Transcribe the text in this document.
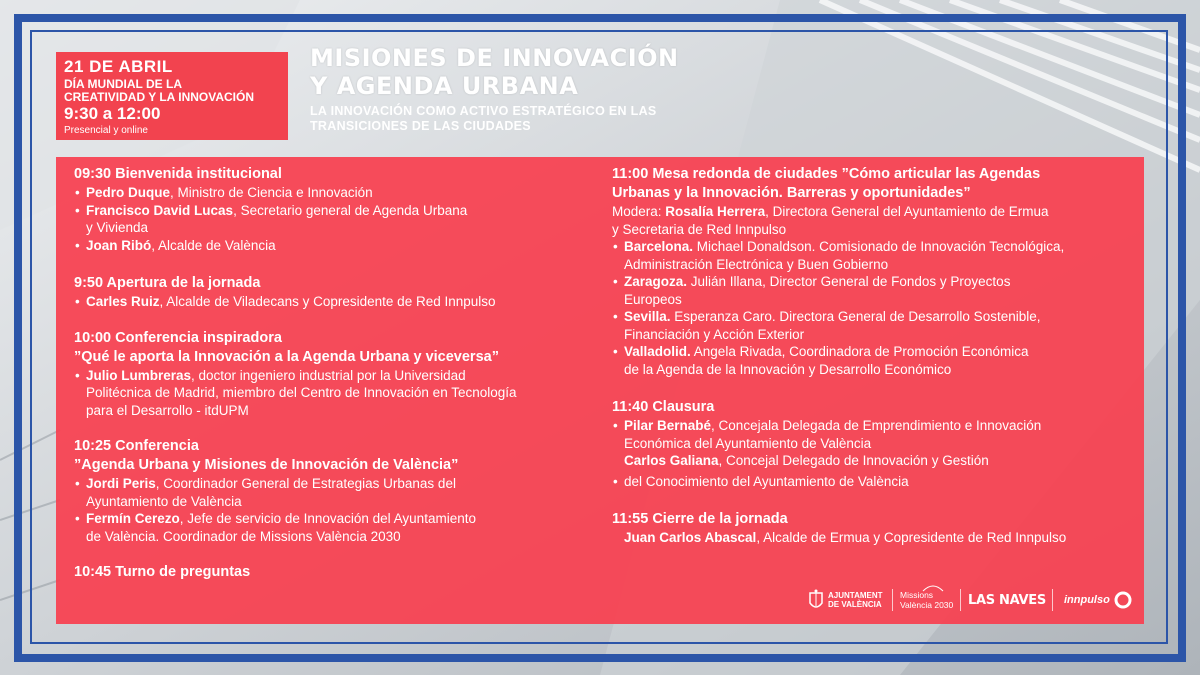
21 DE ABRIL
DÍA MUNDIAL DE LA
CREATIVIDAD Y LA INNOVACIÓN
9:30 a 12:00
Presencial y online
MISIONES DE INNOVACIÓN
Y AGENDA URBANA
LA INNOVACIÓN COMO ACTIVO ESTRATÉGICO EN LAS
TRANSICIONES DE LAS CIUDADES
09:30 Bienvenida institucional
• Pedro Duque, Ministro de Ciencia e Innovación
• Francisco David Lucas, Secretario general de Agenda Urbana
y Vivienda
• Joan Ribó, Alcalde de València
9:50 Apertura de la jornada
• Carles Ruiz, Alcalde de Viladecans y Copresidente de Red Innpulso
10:00 Conferencia inspiradora
”Qué le aporta la Innovación a la Agenda Urbana y viceversa”
• Julio Lumbreras, doctor ingeniero industrial por la Universidad
Politécnica de Madrid, miembro del Centro de Innovación en Tecnología
para el Desarrollo - itdUPM
10:25 Conferencia
”Agenda Urbana y Misiones de Innovación de València”
• Jordi Peris, Coordinador General de Estrategias Urbanas del
Ayuntamiento de València
• Fermín Cerezo, Jefe de servicio de Innovación del Ayuntamiento
de València. Coordinador de Missions València 2030
10:45 Turno de preguntas
11:00 Mesa redonda de ciudades ”Cómo articular las Agendas
Urbanas y la Innovación. Barreras y oportunidades”
Modera: Rosalía Herrera, Directora General del Ayuntamiento de Ermua
y Secretaria de Red Innpulso
• Barcelona. Michael Donaldson. Comisionado de Innovación Tecnológica,
Administración Electrónica y Buen Gobierno
• Zaragoza. Julián Illana, Director General de Fondos y Proyectos
Europeos
• Sevilla. Esperanza Caro. Directora General de Desarrollo Sostenible,
Financiación y Acción Exterior
• Valladolid. Angela Rivada, Coordinadora de Promoción Económica
de la Agenda de la Innovación y Desarrollo Económico
11:40 Clausura
• Pilar Bernabé, Concejala Delegada de Emprendimiento e Innovación
Económica del Ayuntamiento de València
Carlos Galiana, Concejal Delegado de Innovación y Gestión
• del Conocimiento del Ayuntamiento de València
11:55 Cierre de la jornada
Juan Carlos Abascal, Alcalde de Ermua y Copresidente de Red Innpulso
AJUNTAMENT
DE VALÈNCIA
Missions
València 2030 LAS NAVES innpulso
